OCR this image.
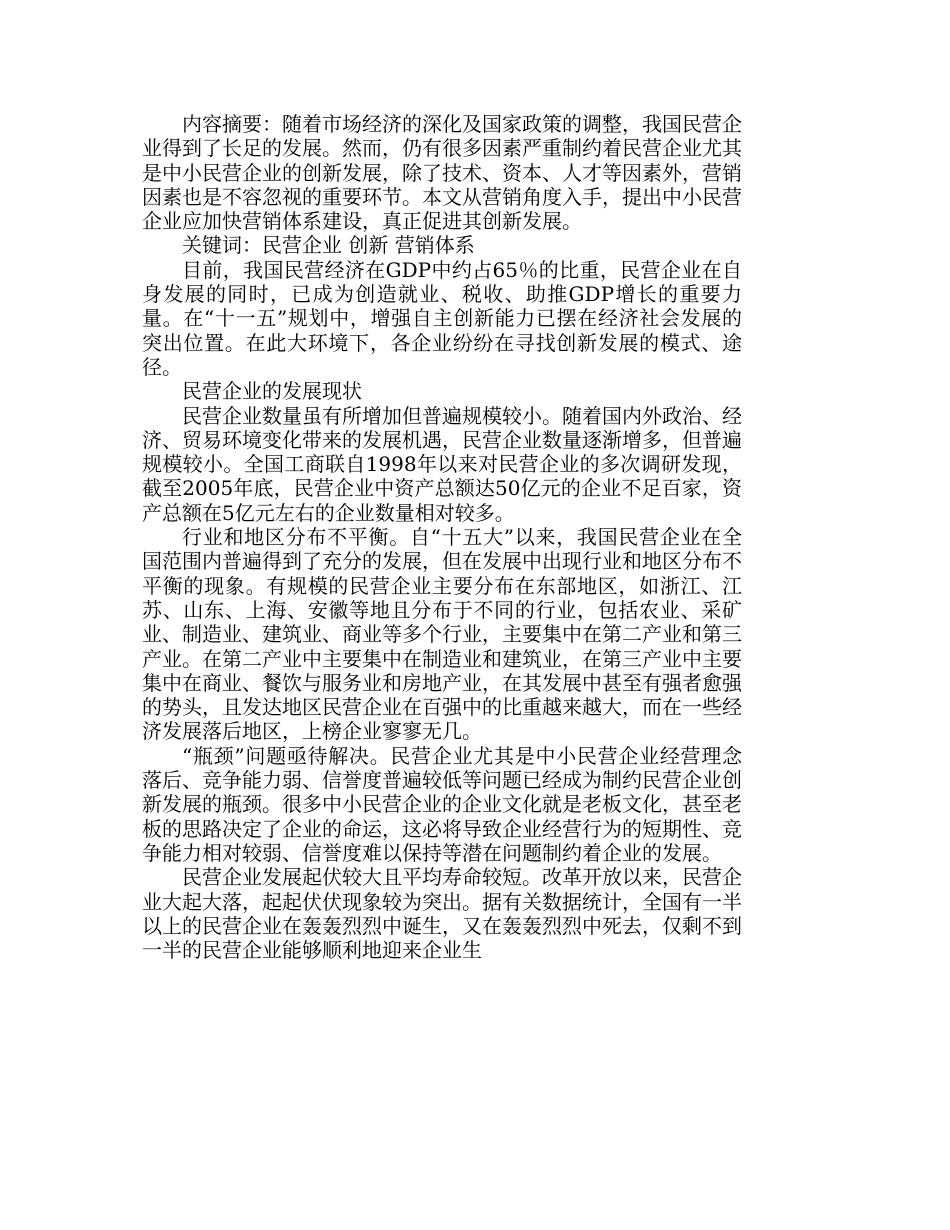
内容摘要：随着市场经济的深化及国家政策的调整，我国民营企业得到了长足的发展。然而，仍有很多因素严重制约着民营企业尤其是中小民营企业的创新发展，除了技术、资本、人才等因素外，营销因素也是不容忽视的重要环节。本文从营销角度入手，提出中小民营企业应加快营销体系建设，真正促进其创新发展。

关键词：民营企业 创新 营销体系

目前，我国民营经济在GDP中约占65％的比重，民营企业在自身发展的同时，已成为创造就业、税收、助推GDP增长的重要力量。在“十一五”规划中，增强自主创新能力已摆在经济社会发展的突出位置。在此大环境下，各企业纷纷在寻找创新发展的模式、途径。

民营企业的发展现状

民营企业数量虽有所增加但普遍规模较小。随着国内外政治、经济、贸易环境变化带来的发展机遇，民营企业数量逐渐增多，但普遍规模较小。全国工商联自1998年以来对民营企业的多次调研发现，截至2005年底，民营企业中资产总额达50亿元的企业不足百家，资产总额在5亿元左右的企业数量相对较多。

行业和地区分布不平衡。自“十五大”以来，我国民营企业在全国范围内普遍得到了充分的发展，但在发展中出现行业和地区分布不平衡的现象。有规模的民营企业主要分布在东部地区，如浙江、江苏、山东、上海、安徽等地且分布于不同的行业，包括农业、采矿业、制造业、建筑业、商业等多个行业，主要集中在第二产业和第三产业。在第二产业中主要集中在制造业和建筑业，在第三产业中主要集中在商业、餐饮与服务业和房地产业，在其发展中甚至有强者愈强的势头，且发达地区民营企业在百强中的比重越来越大，而在一些经济发展落后地区，上榜企业寥寥无几。

“瓶颈”问题亟待解决。民营企业尤其是中小民营企业经营理念落后、竞争能力弱、信誉度普遍较低等问题已经成为制约民营企业创新发展的瓶颈。很多中小民营企业的企业文化就是老板文化，甚至老板的思路决定了企业的命运，这必将导致企业经营行为的短期性、竞争能力相对较弱、信誉度难以保持等潜在问题制约着企业的发展。

民营企业发展起伏较大且平均寿命较短。改革开放以来，民营企业大起大落，起起伏伏现象较为突出。据有关数据统计，全国有一半以上的民营企业在轰轰烈烈中诞生，又在轰轰烈烈中死去，仅剩不到一半的民营企业能够顺利地迎来企业生
